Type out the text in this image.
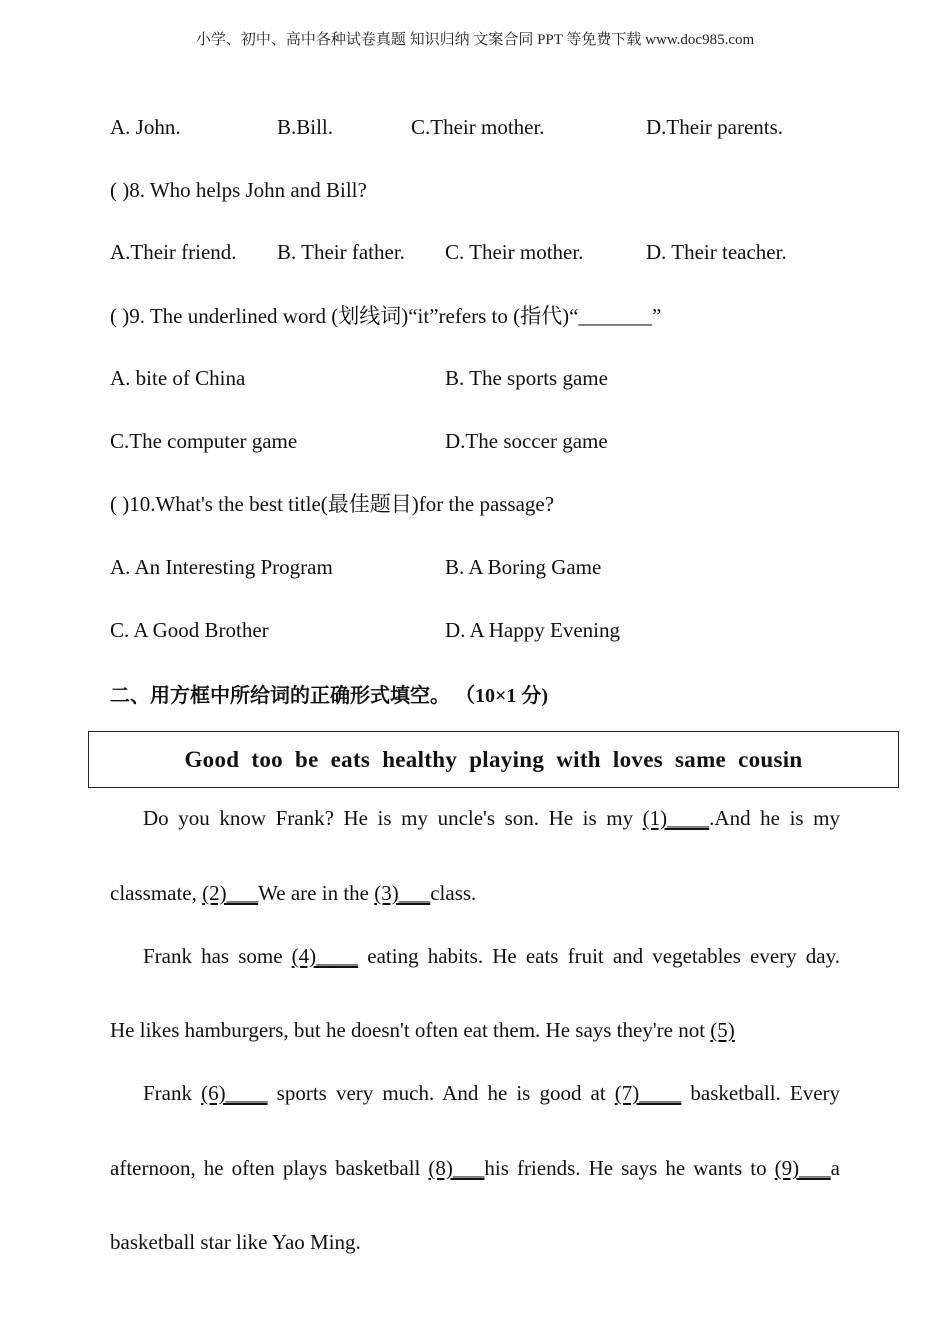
小学、初中、高中各种试卷真题 知识归纳 文案合同 PPT 等免费下载 www.doc985.com
A. John.	B.Bill.	C.Their mother.	D.Their parents.
( )8. Who helps John and Bill?
A.Their friend. B. Their father. C. Their mother.	D. Their teacher.
( )9. The underlined word (划线词)“it”refers to (指代)“_______”
A. bite of China	B. The sports game
C.The computer game	D.The soccer game
( )10.What's the best title(最佳题目)for the passage?
A. An Interesting Program	B. A Boring Game
C. A Good Brother	D. A Happy Evening
二、用方框中所给词的正确形式填空。 （10×1 分)
Good too be eats healthy playing with loves same cousin
Do you know Frank? He is my uncle's son. He is my (1)____.And he is my
classmate, (2)___We are in the (3)___class.
Frank has some (4)____ eating habits. He eats fruit and vegetables every day.
He likes hamburgers, but he doesn't often eat them. He says they're not (5)
Frank (6)____ sports very much. And he is good at (7)____ basketball. Every
afternoon, he often plays basketball (8)___his friends. He says he wants to (9)___a
basketball star like Yao Ming.
